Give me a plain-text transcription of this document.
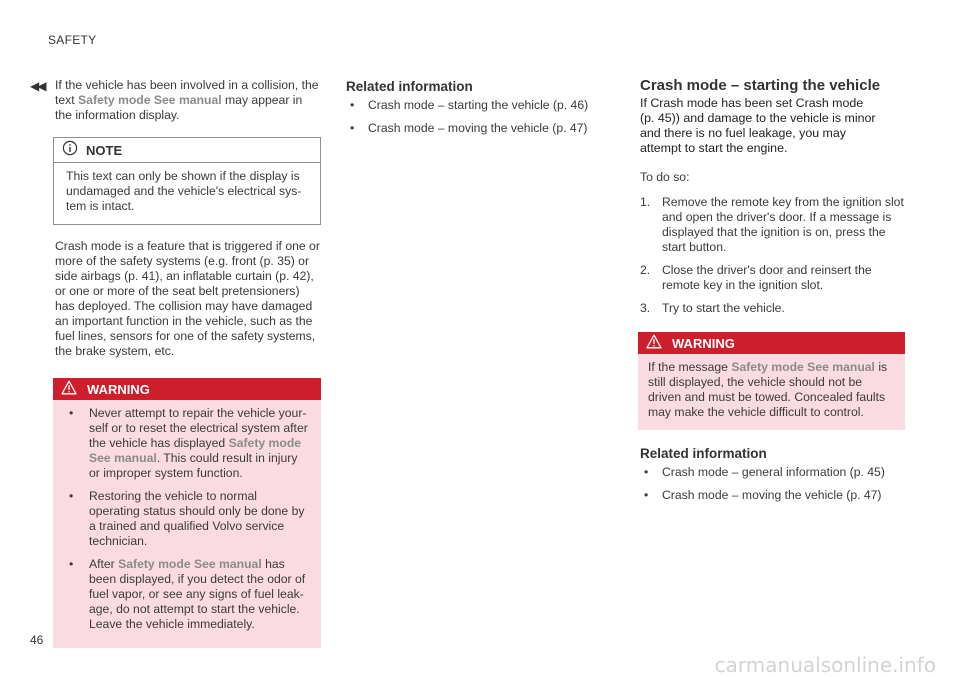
SAFETY
◀◀ If the vehicle has been involved in a collision, the text Safety mode See manual may appear in the information display.

NOTE
This text can only be shown if the display is undamaged and the vehicle's electrical sys-tem is intact.

Crash mode is a feature that is triggered if one or more of the safety systems (e.g. front (p. 35) or side airbags (p. 41), an inflatable curtain (p. 42), or one or more of the seat belt pretensioners) has deployed. The collision may have damaged an important function in the vehicle, such as the fuel lines, sensors for one of the safety systems, the brake system, etc.

WARNING
• Never attempt to repair the vehicle your-self or to reset the electrical system after the vehicle has displayed Safety mode See manual. This could result in injury or improper system function.
• Restoring the vehicle to normal operating status should only be done by a trained and qualified Volvo service technician.
• After Safety mode See manual has been displayed, if you detect the odor of fuel vapor, or see any signs of fuel leak-age, do not attempt to start the vehicle. Leave the vehicle immediately.
Related information
• Crash mode – starting the vehicle (p. 46)
• Crash mode – moving the vehicle (p. 47)
Crash mode – starting the vehicle

If Crash mode has been set Crash mode (p. 45)) and damage to the vehicle is minor and there is no fuel leakage, you may attempt to start the engine.

To do so:

1. Remove the remote key from the ignition slot and open the driver's door. If a message is displayed that the ignition is on, press the start button.
2. Close the driver's door and reinsert the remote key in the ignition slot.
3. Try to start the vehicle.
WARNING
If the message Safety mode See manual is still displayed, the vehicle should not be driven and must be towed. Concealed faults may make the vehicle difficult to control.
Related information
• Crash mode – general information (p. 45)
• Crash mode – moving the vehicle (p. 47)
46
carmanualsonline.info
